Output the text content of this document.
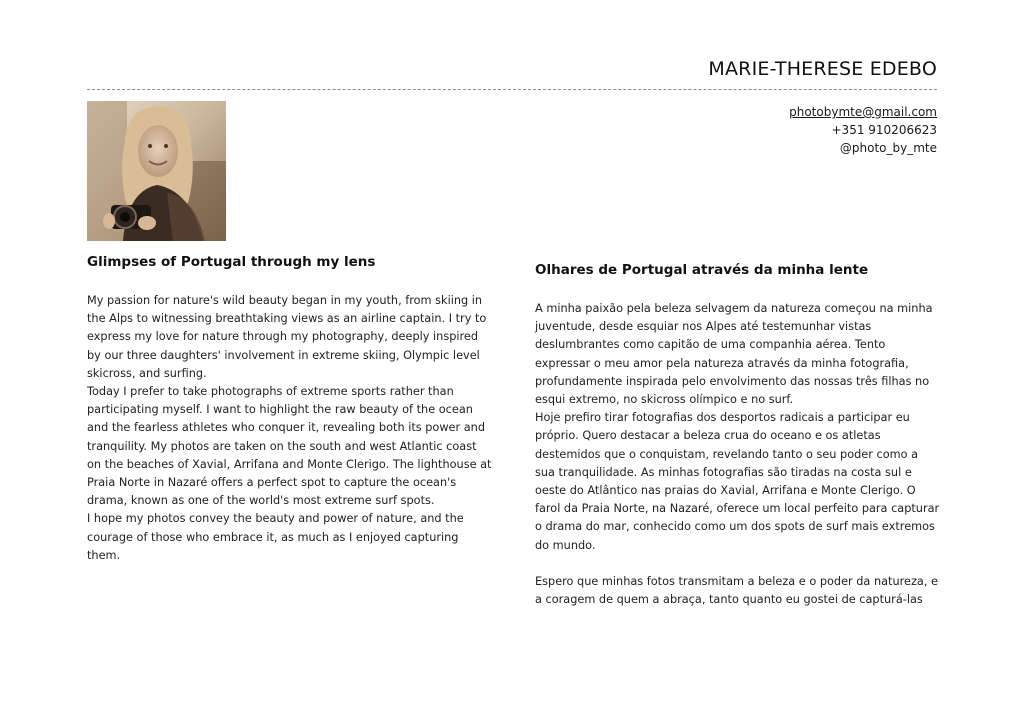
MARIE-THERESE EDEBO
photobymte@gmail.com
+351 910206623
@photo_by_mte
Glimpses of Portugal through my lens

My passion for nature's wild beauty began in my youth, from skiing in the Alps to witnessing breathtaking views as an airline captain. I try to express my love for nature through my photography, deeply inspired by our three daughters' involvement in extreme skiing, Olympic level skicross, and surfing.

Today I prefer to take photographs of extreme sports rather than participating myself. I want to highlight the raw beauty of the ocean and the fearless athletes who conquer it, revealing both its power and tranquility. My photos are taken on the south and west Atlantic coast on the beaches of Xavial, Arrifana and Monte Clerigo. The lighthouse at Praia Norte in Nazaré offers a perfect spot to capture the ocean's drama, known as one of the world's most extreme surf spots.

I hope my photos convey the beauty and power of nature, and the courage of those who embrace it, as much as I enjoyed capturing them.

Olhares de Portugal através da minha lente

A minha paixão pela beleza selvagem da natureza começou na minha juventude, desde esquiar nos Alpes até testemunhar vistas deslumbrantes como capitão de uma companhia aérea. Tento expressar o meu amor pela natureza através da minha fotografia, profundamente inspirada pelo envolvimento das nossas três filhas no esqui extremo, no skicross olímpico e no surf.

Hoje prefiro tirar fotografias dos desportos radicais a participar eu próprio. Quero destacar a beleza crua do oceano e os atletas destemidos que o conquistam, revelando tanto o seu poder como a sua tranquilidade. As minhas fotografias são tiradas na costa sul e oeste do Atlântico nas praias do Xavial, Arrifana e Monte Clerigo. O farol da Praia Norte, na Nazaré, oferece um local perfeito para capturar o drama do mar, conhecido como um dos spots de surf mais extremos do mundo.

Espero que minhas fotos transmitam a beleza e o poder da natureza, e a coragem de quem a abraça, tanto quanto eu gostei de capturá-las
